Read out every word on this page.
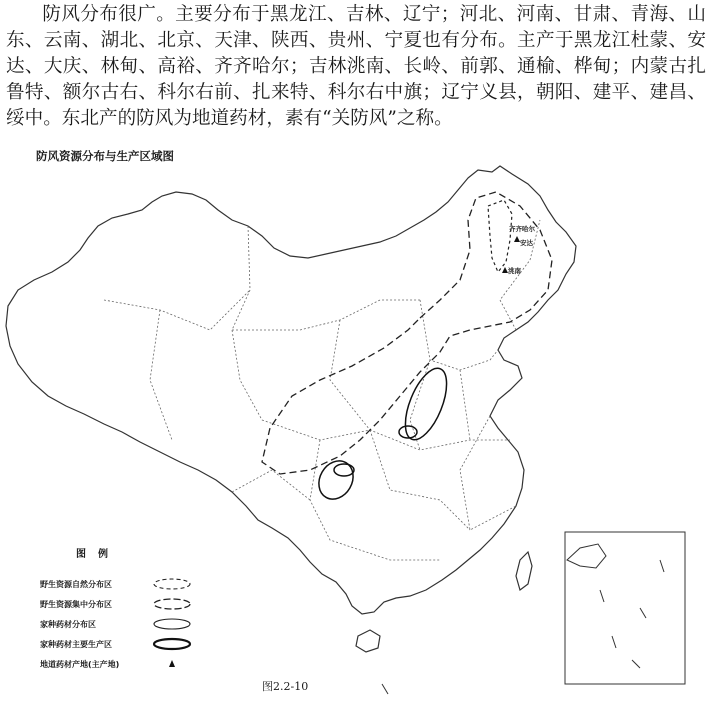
防风分布很广。主要分布于黑龙江、吉林、辽宁；河北、河南、甘肃、青海、山东、云南、湖北、北京、天津、陕西、贵州、宁夏也有分布。主产于黑龙江杜蒙、安达、大庆、林甸、高裕、齐齐哈尔；吉林洮南、长岭、前郭、通榆、桦甸；内蒙古扎鲁特、额尔古右、科尔右前、扎来特、科尔右中旗；辽宁义县，朝阳、建平、建昌、绥中。东北产的防风为地道药材，素有“关防风”之称。

防风资源分布与生产区域图
齐齐哈尔
安达
洮南
图例
野生资源自然分布区
野生资源集中分布区
家种药材分布区
家种药材主要生产区
地道药材产地(主产地)
图2.2-10
